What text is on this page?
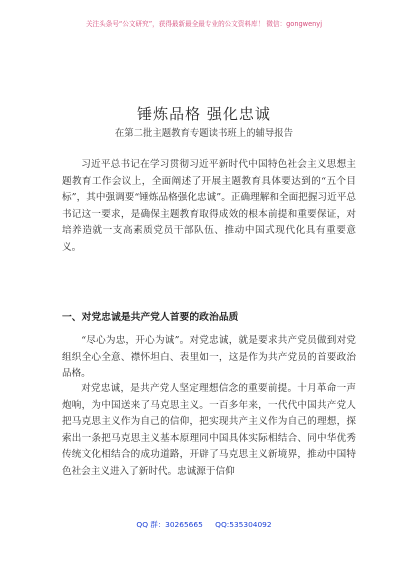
关注头条号“公文研究”，获得最新最全最专业的公文资料库！ 微信：gongwenyj
锤炼品格 强化忠诚
在第二批主题教育专题读书班上的辅导报告

习近平总书记在学习贯彻习近平新时代中国特色社会主义思想主题教育工作会议上，全面阐述了开展主题教育具体要达到的“五个目标”，其中强调要“锤炼品格强化忠诚”。正确理解和全面把握习近平总书记这一要求，是确保主题教育取得成效的根本前提和重要保证，对培养造就一支高素质党员干部队伍、推动中国式现代化具有重要意义。

一、对党忠诚是共产党人首要的政治品质

“尽心为忠，开心为诚”。对党忠诚，就是要求共产党员做到对党组织全心全意、襟怀坦白、表里如一，这是作为共产党员的首要政治品格。

对党忠诚，是共产党人坚定理想信念的重要前提。十月革命一声炮响，为中国送来了马克思主义。一百多年来，一代代中国共产党人把马克思主义作为自己的信仰，把实现共产主义作为自己的理想，探索出一条把马克思主义基本原理同中国具体实际相结合、同中华优秀传统文化相结合的成功道路，开辟了马克思主义新境界，推动中国特色社会主义进入了新时代。忠诚源于信仰

QQ 群：30265665 QQ:535304092
